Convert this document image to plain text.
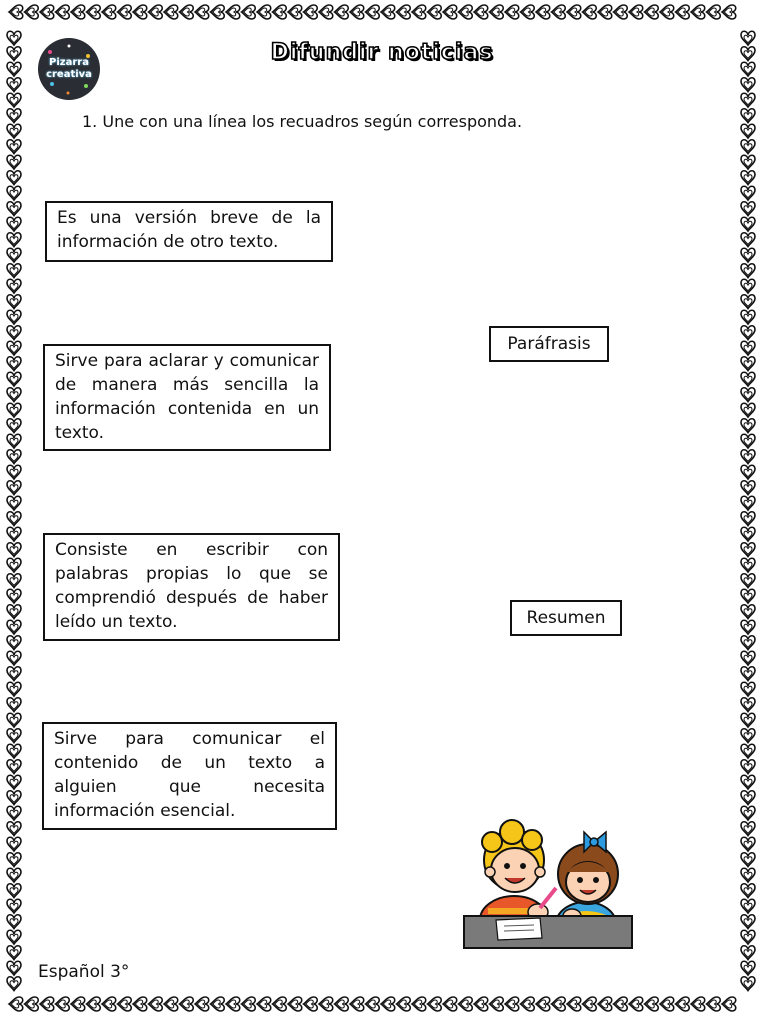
Pizarra
creativa
Difundir noticias
1. Une con una línea los recuadros según corresponda.
Es una versión breve de la información de otro texto.
Sirve para aclarar y comunicar de manera más sencilla la información contenida en un texto.
Consiste en escribir con palabras propias lo que se comprendió después de haber leído un texto.
Sirve para comunicar el contenido de un texto a alguien que necesita información esencial.
Paráfrasis
Resumen
Español 3°
